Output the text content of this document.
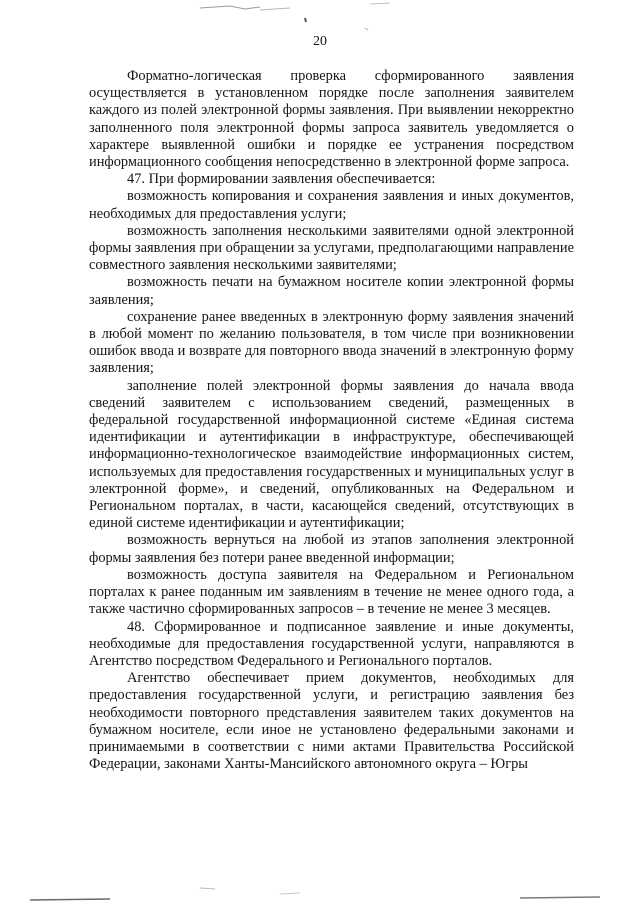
20

Форматно-логическая проверка сформированного заявления осуществляется в установленном порядке после заполнения заявителем каждого из полей электронной формы заявления. При выявлении некорректно заполненного поля электронной формы запроса заявитель уведомляется о характере выявленной ошибки и порядке ее устранения посредством информационного сообщения непосредственно в электронной форме запроса.

47. При формировании заявления обеспечивается:

возможность копирования и сохранения заявления и иных документов, необходимых для предоставления услуги;

возможность заполнения несколькими заявителями одной электронной формы заявления при обращении за услугами, предполагающими направление совместного заявления несколькими заявителями;

возможность печати на бумажном носителе копии электронной формы заявления;

сохранение ранее введенных в электронную форму заявления значений в любой момент по желанию пользователя, в том числе при возникновении ошибок ввода и возврате для повторного ввода значений в электронную форму заявления;

заполнение полей электронной формы заявления до начала ввода сведений заявителем с использованием сведений, размещенных в федеральной государственной информационной системе «Единая система идентификации и аутентификации в инфраструктуре, обеспечивающей информационно-технологическое взаимодействие информационных систем, используемых для предоставления государственных и муниципальных услуг в электронной форме», и сведений, опубликованных на Федеральном и Региональном порталах, в части, касающейся сведений, отсутствующих в единой системе идентификации и аутентификации;

возможность вернуться на любой из этапов заполнения электронной формы заявления без потери ранее введенной информации;

возможность доступа заявителя на Федеральном и Региональном порталах к ранее поданным им заявлениям в течение не менее одного года, а также частично сформированных запросов – в течение не менее 3 месяцев.

48. Сформированное и подписанное заявление и иные документы, необходимые для предоставления государственной услуги, направляются в Агентство посредством Федерального и Регионального порталов.

Агентство обеспечивает прием документов, необходимых для предоставления государственной услуги, и регистрацию заявления без необходимости повторного представления заявителем таких документов на бумажном носителе, если иное не установлено федеральными законами и принимаемыми в соответствии с ними актами Правительства Российской Федерации, законами Ханты-Мансийского автономного округа – Югры
